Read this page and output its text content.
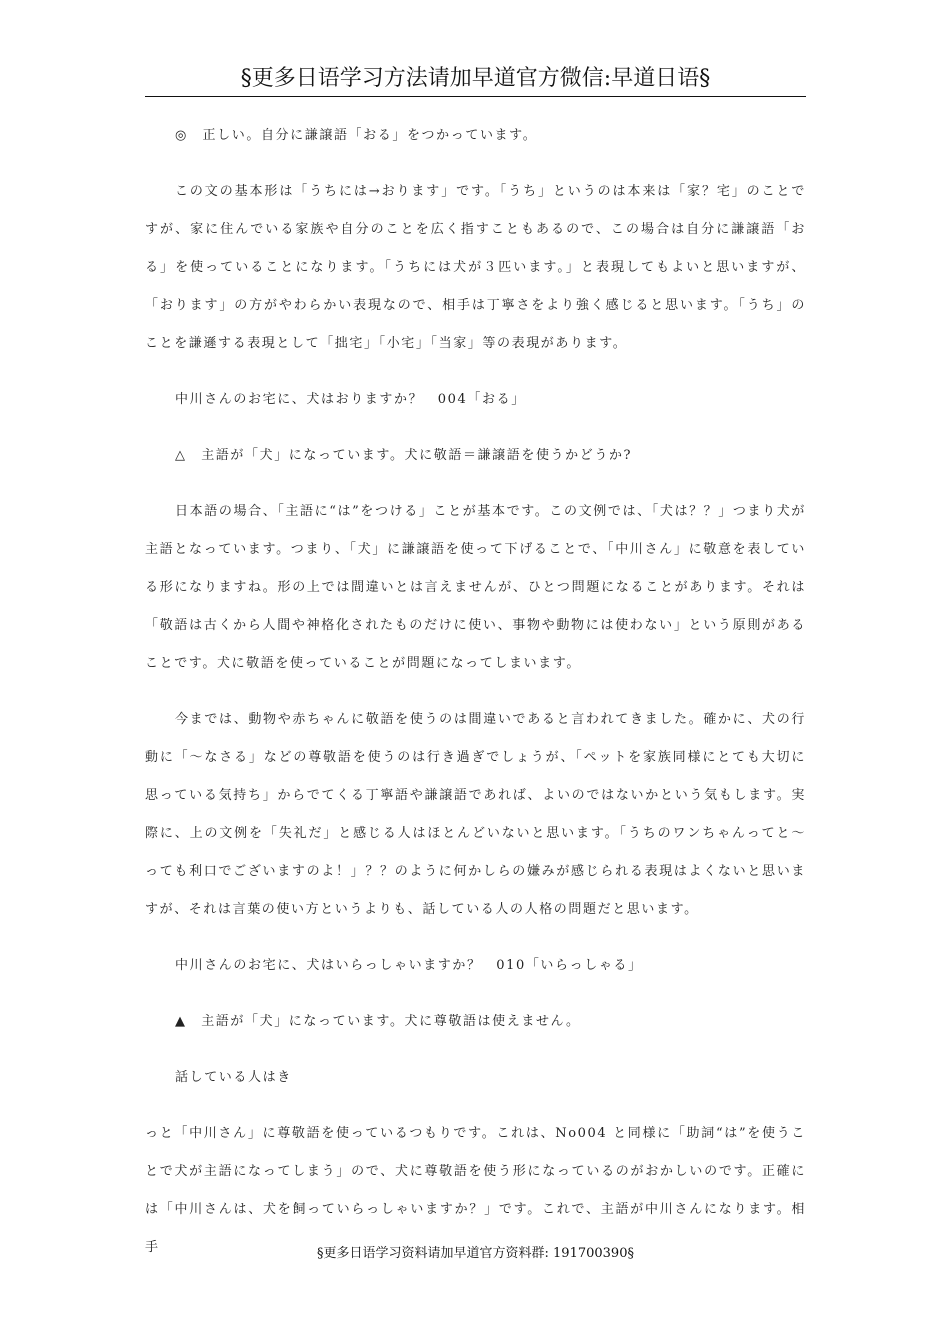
§更多日语学习方法请加早道官方微信:早道日语§

◎　正しい。自分に謙譲語「おる」をつかっています。

この文の基本形は「うちには→おります」です。「うち」というのは本来は「家？宅」のことですが、家に住んでいる家族や自分のことを広く指すこともあるので、この場合は自分に謙譲語「おる」を使っていることになります。「うちには犬が３匹います。」と表現してもよいと思いますが、「おります」の方がやわらかい表現なので、相手は丁寧さをより強く感じると思います。「うち」のことを謙遜する表現として「拙宅」「小宅」「当家」等の表現があります。

中川さんのお宅に、犬はおりますか？　004「おる」

△　主語が「犬」になっています。犬に敬語＝謙譲語を使うかどうか?

日本語の場合、「主語に“は”をつける」ことが基本です。この文例では、「犬は？？」つまり犬が主語となっています。つまり、「犬」に謙譲語を使って下げることで、「中川さん」に敬意を表している形になりますね。形の上では間違いとは言えませんが、ひとつ問題になることがあります。それは「敬語は古くから人間や神格化されたものだけに使い、事物や動物には使わない」という原則があることです。犬に敬語を使っていることが問題になってしまいます。

今までは、動物や赤ちゃんに敬語を使うのは間違いであると言われてきました。確かに、犬の行動に「～なさる」などの尊敬語を使うのは行き過ぎでしょうが、「ペットを家族同様にとても大切に思っている気持ち」からでてくる丁寧語や謙譲語であれば、よいのではないかという気もします。実際に、上の文例を「失礼だ」と感じる人はほとんどいないと思います。「うちのワンちゃんってと～っても利口でございますのよ！」？？のように何かしらの嫌みが感じられる表現はよくないと思いますが、それは言葉の使い方というよりも、話している人の人格の問題だと思います。

中川さんのお宅に、犬はいらっしゃいますか？　010「いらっしゃる」

▲　主語が「犬」になっています。犬に尊敬語は使えません。

話している人はき

っと「中川さん」に尊敬語を使っているつもりです。これは、No004 と同様に「助詞“は”を使うことで犬が主語になってしまう」ので、犬に尊敬語を使う形になっているのがおかしいのです。正確には「中川さんは、犬を飼っていらっしゃいますか？」です。これで、主語が中川さんになります。相手	§更多日语学习资料请加早道官方资料群: 191700390§
